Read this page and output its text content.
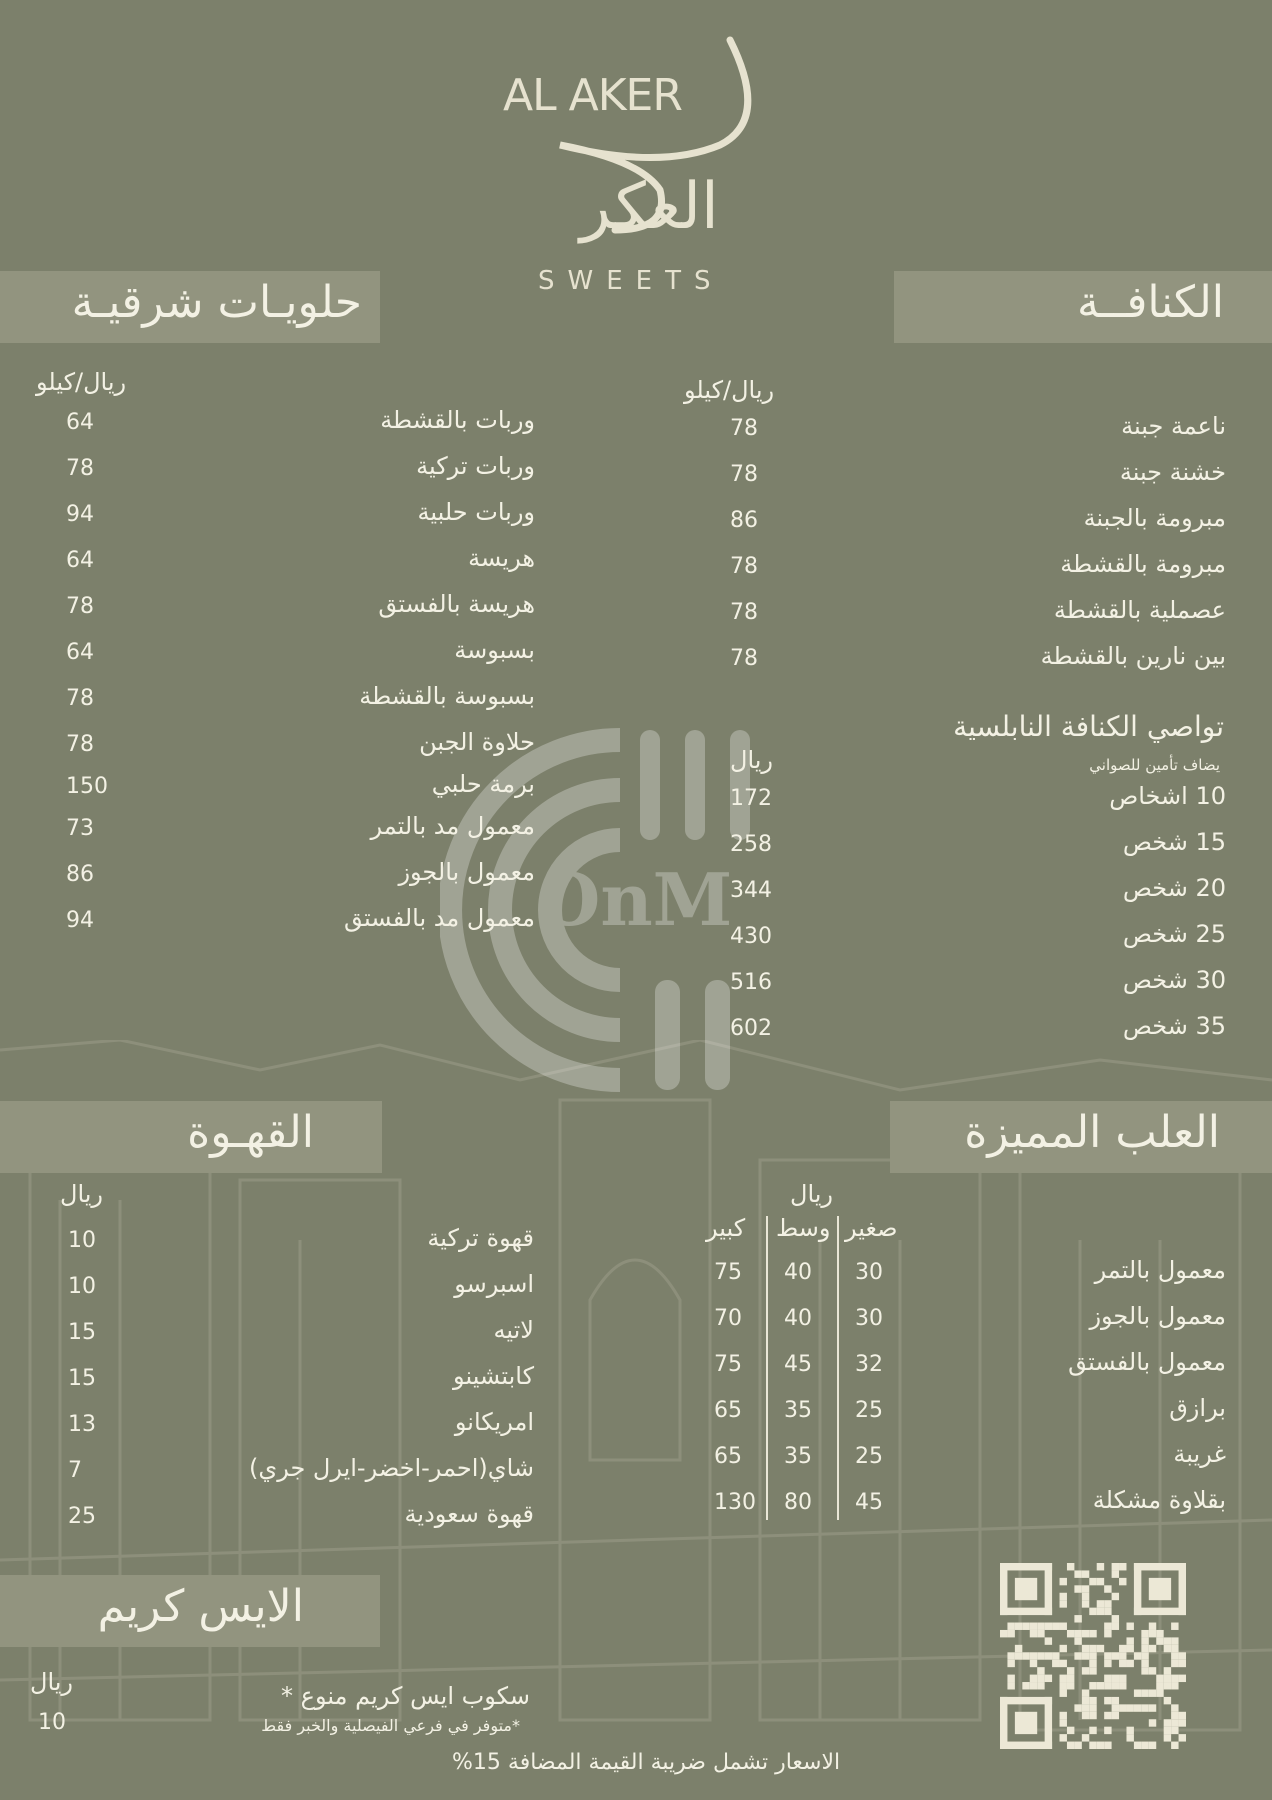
OnM
AL AKER
العكر
SWEETS	الكنافــة
ريال/كيلو
ناعمة جبنة
78
خشنة جبنة
78
مبرومة بالجبنة
86
مبرومة بالقشطة
78
عصملية بالقشطة
78
بين نارين بالقشطة
78
تواصي الكنافة النابلسية
يضاف تأمين للصواني
ريال
10 اشخاص
172
15 شخص
258
20 شخص
344
25 شخص
430
30 شخص
516
35 شخص
602
حلويـات شرقيـة
ريال/كيلو
وربات بالقشطة
64
وربات تركية
78
وربات حلبية
94
هريسة
64
هريسة بالفستق
78
بسبوسة
64
بسبوسة بالقشطة
78
حلاوة الجبن
78
برمة حلبي
150
معمول مد بالتمر
73
معمول بالجوز
86
معمول مد بالفستق
94
العلب المميزة
ريال
صغير
وسط
كبير
معمول بالتمر
30
40
75
معمول بالجوز
30
40
70
معمول بالفستق
32
45
75
برازق
25
35
65
غريبة
25
35
65
بقلاوة مشكلة
45
80
130
القهـوة
ريال
قهوة تركية
10
اسبرسو
10
لاتيه
15
كابتشينو
15
امريكانو
13
شاي(احمر-اخضر-ايرل جري)
7
قهوة سعودية
25
الايس كريم
ريال
10
سكوب ايس كريم منوع *
*متوفر في فرعي الفيصلية والخبر فقط
الاسعار تشمل ضريبة القيمة المضافة 15%
